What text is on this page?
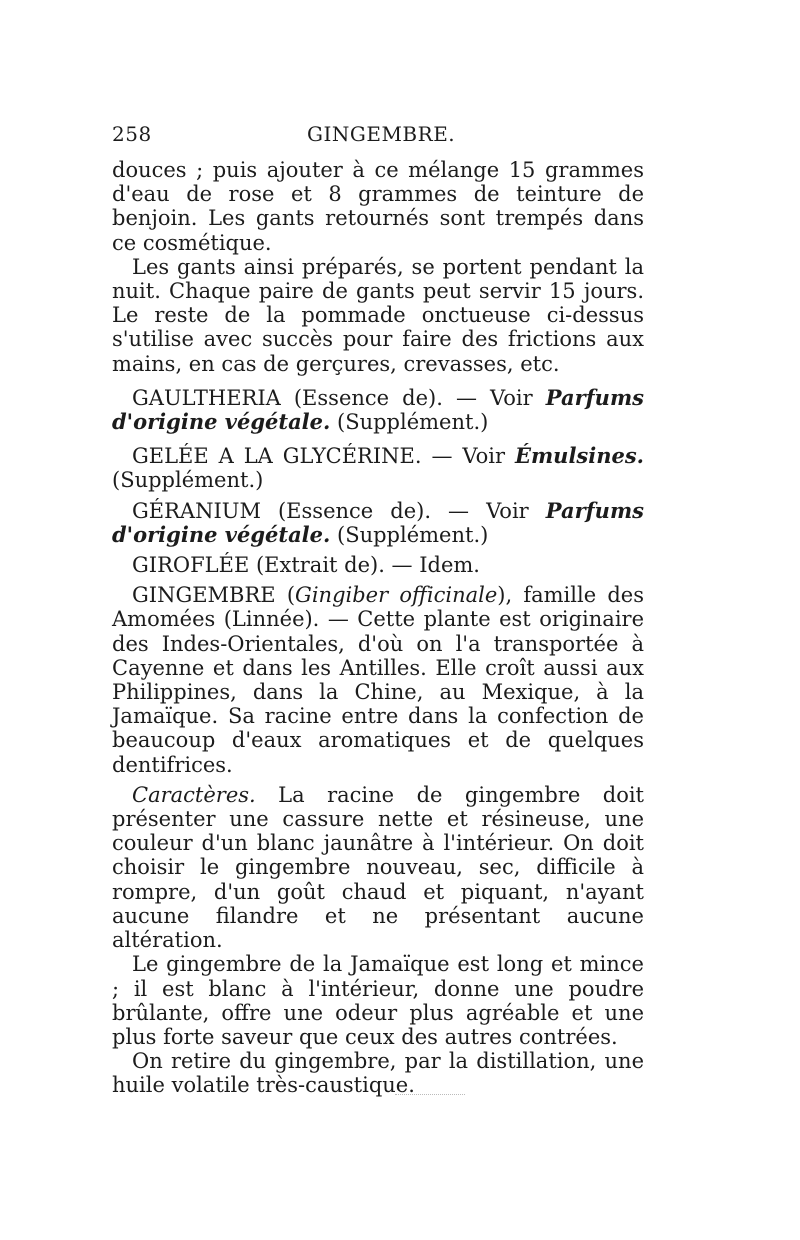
258	GINGEMBRE.

douces ; puis ajouter à ce mélange 15 grammes d'eau de rose et 8 grammes de teinture de benjoin. Les gants retournés sont trempés dans ce cosmétique.

Les gants ainsi préparés, se portent pendant la nuit. Chaque paire de gants peut servir 15 jours. Le reste de la pommade onctueuse ci-dessus s'utilise avec succès pour faire des frictions aux mains, en cas de gerçures, crevasses, etc.

GAULTHERIA (Essence de). — Voir Parfums d'origine végétale. (Supplément.)

GELÉE A LA GLYCÉRINE. — Voir Émulsines. (Supplément.)

GÉRANIUM (Essence de). — Voir Parfums d'origine végétale. (Supplément.)

GIROFLÉE (Extrait de). — Idem.

GINGEMBRE (Gingiber officinale), famille des Amomées (Linnée). — Cette plante est originaire des Indes-Orientales, d'où on l'a transportée à Cayenne et dans les Antilles. Elle croît aussi aux Philippines, dans la Chine, au Mexique, à la Jamaïque. Sa racine entre dans la confection de beaucoup d'eaux aromatiques et de quelques dentifrices.

Caractères. La racine de gingembre doit présenter une cassure nette et résineuse, une couleur d'un blanc jaunâtre à l'intérieur. On doit choisir le gingembre nouveau, sec, difficile à rompre, d'un goût chaud et piquant, n'ayant aucune filandre et ne présentant aucune altération.

Le gingembre de la Jamaïque est long et mince ; il est blanc à l'intérieur, donne une poudre brûlante, offre une odeur plus agréable et une plus forte saveur que ceux des autres contrées.

On retire du gingembre, par la distillation, une huile volatile très-caustique.
